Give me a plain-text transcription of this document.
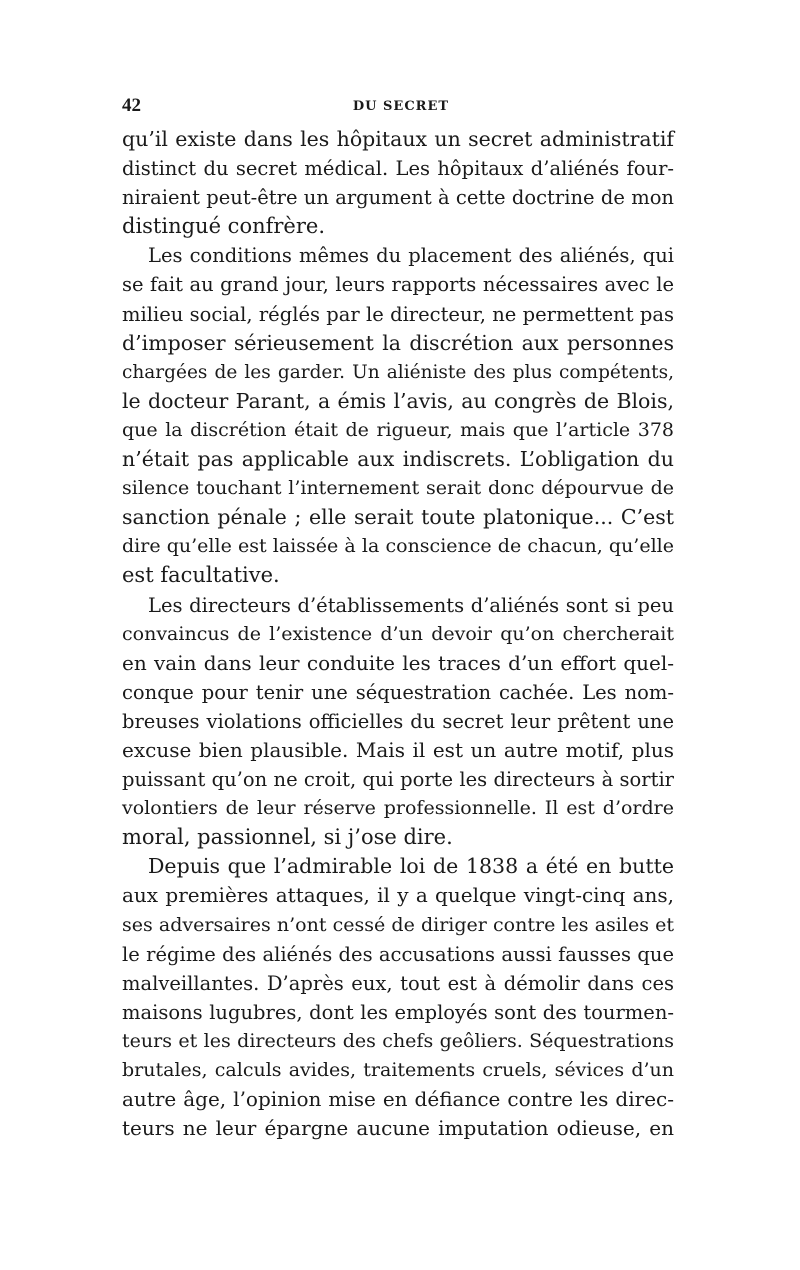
42	DU SECRET
qu’il existe dans les hôpitaux un secret administratif
distinct du secret médical. Les hôpitaux d’aliénés four-
niraient peut-être un argument à cette doctrine de mon
distingué confrère.
Les conditions mêmes du placement des aliénés, qui
se fait au grand jour, leurs rapports nécessaires avec le
milieu social, réglés par le directeur, ne permettent pas
d’imposer sérieusement la discrétion aux personnes
chargées de les garder. Un aliéniste des plus compétents,
le docteur Parant, a émis l’avis, au congrès de Blois,
que la discrétion était de rigueur, mais que l’article 378
n’était pas applicable aux indiscrets. L’obligation du
silence touchant l’internement serait donc dépourvue de
sanction pénale ; elle serait toute platonique... C’est
dire qu’elle est laissée à la conscience de chacun, qu’elle
est facultative.
Les directeurs d’établissements d’aliénés sont si peu
convaincus de l’existence d’un devoir qu’on chercherait
en vain dans leur conduite les traces d’un effort quel-
conque pour tenir une séquestration cachée. Les nom-
breuses violations officielles du secret leur prêtent une
excuse bien plausible. Mais il est un autre motif, plus
puissant qu’on ne croit, qui porte les directeurs à sortir
volontiers de leur réserve professionnelle. Il est d’ordre
moral, passionnel, si j’ose dire.
Depuis que l’admirable loi de 1838 a été en butte
aux premières attaques, il y a quelque vingt-cinq ans,
ses adversaires n’ont cessé de diriger contre les asiles et
le régime des aliénés des accusations aussi fausses que
malveillantes. D’après eux, tout est à démolir dans ces
maisons lugubres, dont les employés sont des tourmen-
teurs et les directeurs des chefs geôliers. Séquestrations
brutales, calculs avides, traitements cruels, sévices d’un
autre âge, l’opinion mise en défiance contre les direc-
teurs ne leur épargne aucune imputation odieuse, en
